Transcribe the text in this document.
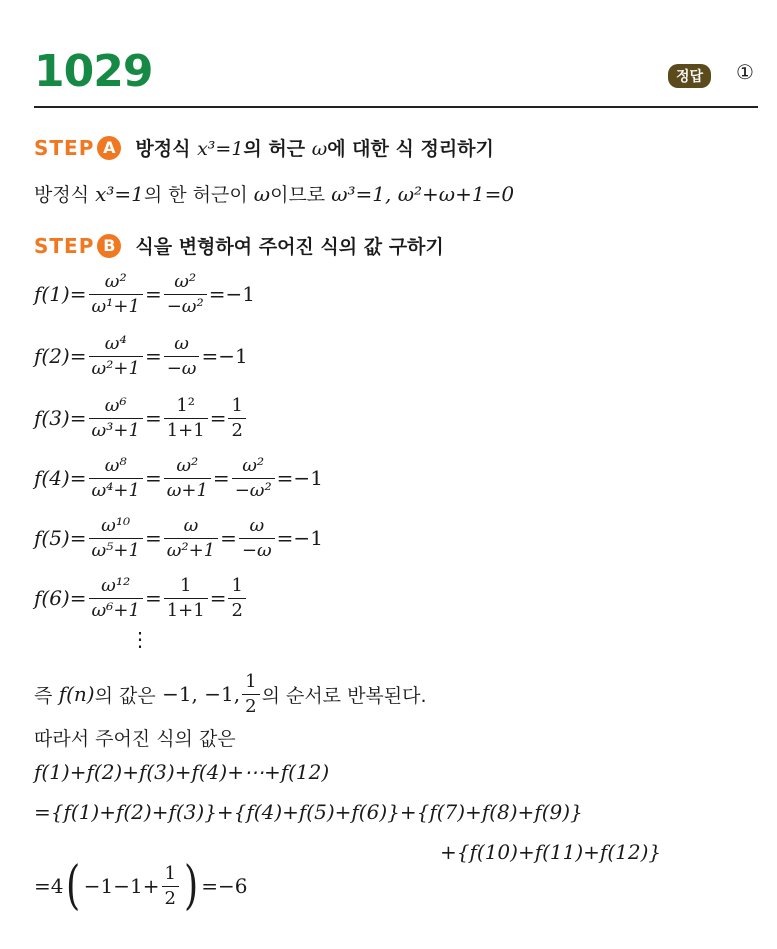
1029	정답	①
STEP A	방정식 x³=1의 허근 ω에 대한 식 정리하기
방정식 x³=1의 한 허근이 ω이므로 ω³=1, ω²+ω+1=0
STEP B	식을 변형하여 주어진 식의 값 구하기
$f(1)= \frac{\text{ω²}}{\text{ω¹+1}} = \frac{\text{ω²}}{\text{−ω²}} =-1$
$f(2)= \frac{\text{ω⁴}}{\text{ω²+1}} = \frac{\omega}{-\omega} =-1$
$f(3)= \frac{\text{ω⁶}}{\text{ω³+1}} = \frac{\text{1²}}{1+1} = \frac{1}{2}$
$f(4)= \frac{\text{ω⁸}}{\text{ω⁴+1}} = \frac{\text{ω²}}{\omega+1} = \frac{\text{ω²}}{\text{−ω²}} =-1$
$f(5)= \frac{\text{ω¹⁰}}{\text{ω⁵+1}} = \frac{\omega}{\text{ω²+1}} = \frac{\omega}{-\omega} =-1$
$f(6)= \frac{\text{ω¹²}}{\text{ω⁶+1}} = \frac{1}{1+1} = \frac{1}{2}$
⋮
즉
f(n) 의 값은
−1, −1, $\frac{1}{2}$ 의 순서로 반복된다.
따라서 주어진 식의 값은
f(1)+f(2)+f(3)+f(4)+⋯+f(12)
={f(1)+f(2)+f(3)}+{f(4)+f(5)+f(6)}+{f(7)+f(8)+f(9)}
+{f(10)+f(11)+f(12)}
=4 ( $-1-1+ \frac{1}{2}$ ) =−6
